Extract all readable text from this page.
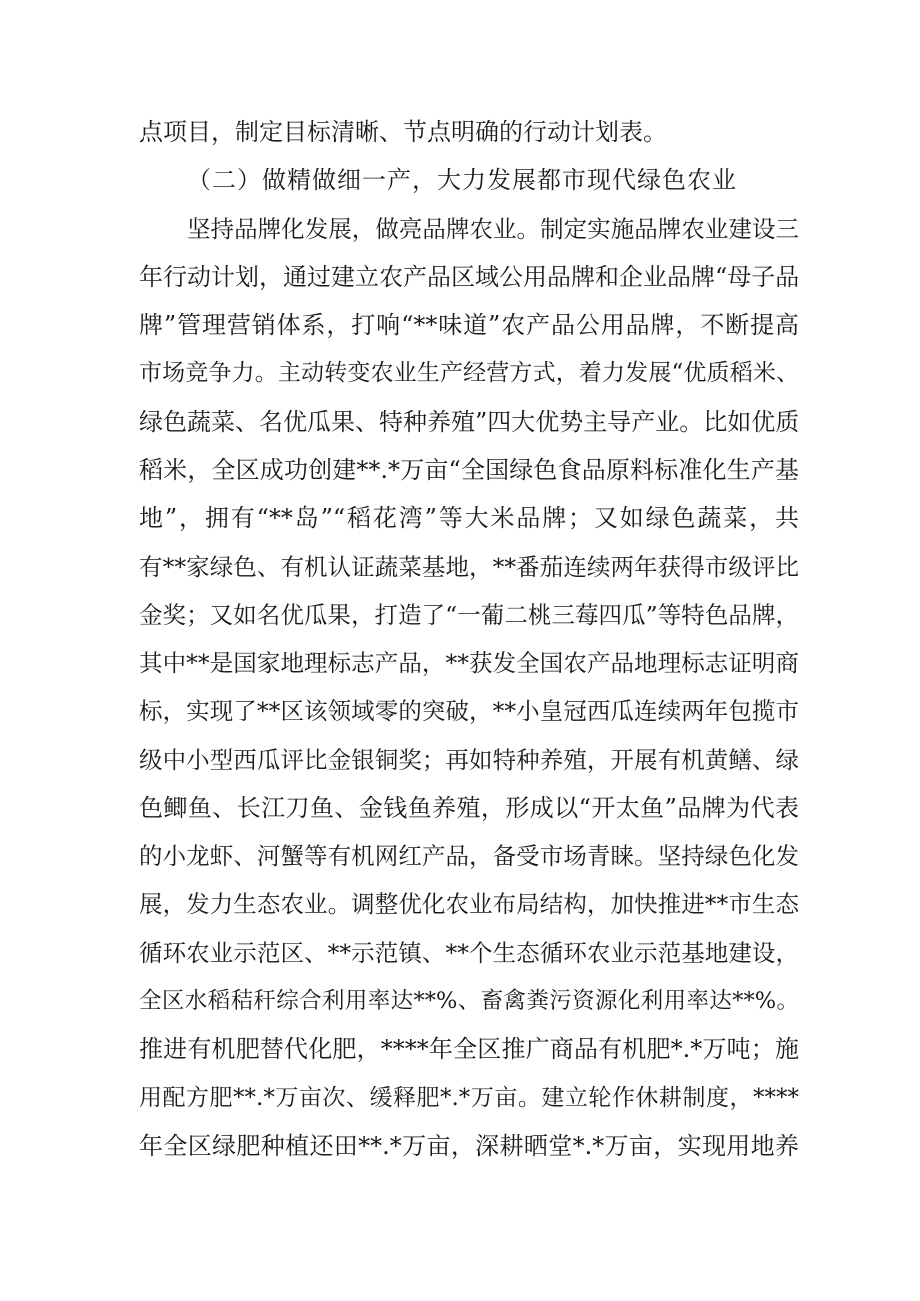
点项目，制定目标清晰、节点明确的行动计划表。
（二）做精做细一产，大力发展都市现代绿色农业
坚持品牌化发展，做亮品牌农业。制定实施品牌农业建设三
年行动计划，通过建立农产品区域公用品牌和企业品牌“母子品
牌”管理营销体系，打响“**味道”农产品公用品牌，不断提高
市场竞争力。主动转变农业生产经营方式，着力发展“优质稻米、
绿色蔬菜、名优瓜果、特种养殖”四大优势主导产业。比如优质
稻米，全区成功创建**.*万亩“全国绿色食品原料标准化生产基
地”，拥有“**岛”“稻花湾”等大米品牌；又如绿色蔬菜，共
有**家绿色、有机认证蔬菜基地，**番茄连续两年获得市级评比
金奖；又如名优瓜果，打造了“一葡二桃三莓四瓜”等特色品牌，
其中**是国家地理标志产品，**获发全国农产品地理标志证明商
标，实现了**区该领域零的突破，**小皇冠西瓜连续两年包揽市
级中小型西瓜评比金银铜奖；再如特种养殖，开展有机黄鳝、绿
色鲫鱼、长江刀鱼、金钱鱼养殖，形成以“开太鱼”品牌为代表
的小龙虾、河蟹等有机网红产品，备受市场青睐。坚持绿色化发
展，发力生态农业。调整优化农业布局结构，加快推进**市生态
循环农业示范区、**示范镇、**个生态循环农业示范基地建设，
全区水稻秸秆综合利用率达**%、畜禽粪污资源化利用率达**%。
推进有机肥替代化肥，****年全区推广商品有机肥*.*万吨；施
用配方肥**.*万亩次、缓释肥*.*万亩。建立轮作休耕制度，****
年全区绿肥种植还田**.*万亩，深耕晒堂*.*万亩，实现用地养
